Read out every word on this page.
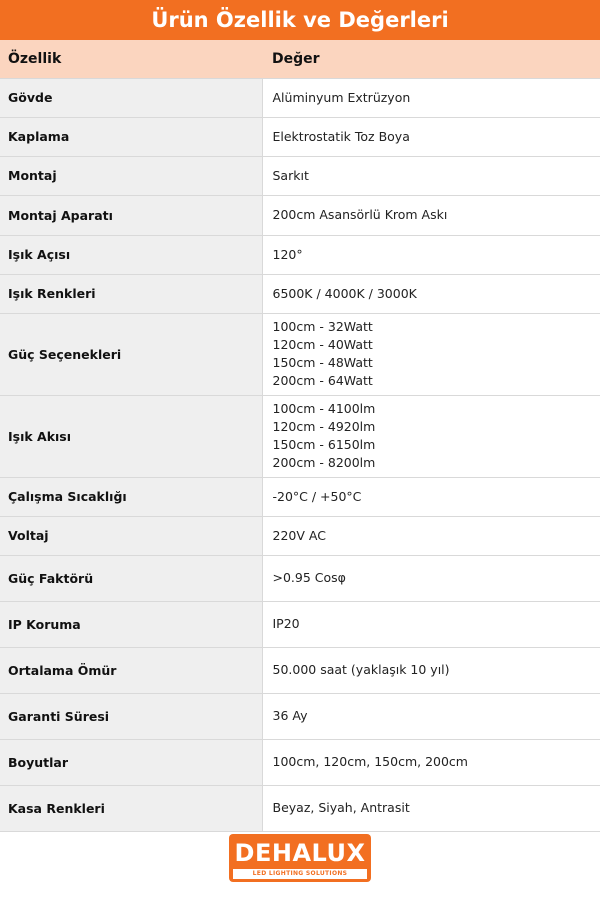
Ürün Özellik ve Değerleri
Özellik	Değer
Gövde	Alüminyum Extrüzyon

Kaplama	Elektrostatik Toz Boya

Montaj	Sarkıt

Montaj Aparatı	200cm Asansörlü Krom Askı

Işık Açısı	120°

Işık Renkleri	6500K / 4000K / 3000K

Güç Seçenekleri	100cm - 32Watt
120cm - 40Watt
150cm - 48Watt
200cm - 64Watt

Işık Akısı	100cm - 4100lm
120cm - 4920lm
150cm - 6150lm
200cm - 8200lm

Çalışma Sıcaklığı	-20°C / +50°C

Voltaj	220V AC

Güç Faktörü	>0.95 Cosφ

IP Koruma	IP20

Ortalama Ömür	50.000 saat (yaklaşık 10 yıl)

Garanti Süresi	36 Ay

Boyutlar	100cm, 120cm, 150cm, 200cm

Kasa Renkleri	Beyaz, Siyah, Antrasit
DEHALUX
LED LIGHTING SOLUTIONS
